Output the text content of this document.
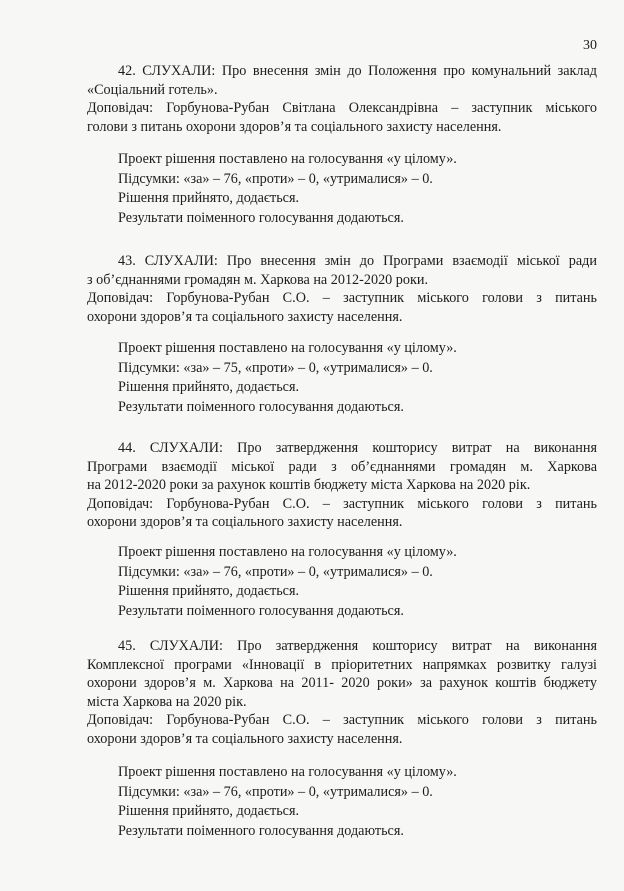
30

42. СЛУХАЛИ: Про внесення змін до Положення про комунальний заклад

«Соціальний готель».

Доповідач: Горбунова-Рубан Світлана Олександрівна – заступник міського

голови з питань охорони здоров’я та соціального захисту населення.

Проект рішення поставлено на голосування «у цілому».

Підсумки: «за» – 76, «проти» – 0, «утрималися» – 0.

Рішення прийнято, додається.

Результати поіменного голосування додаються.

43. СЛУХАЛИ: Про внесення змін до Програми взаємодії міської ради

з об’єднаннями громадян м. Харкова на 2012-2020 роки.

Доповідач: Горбунова-Рубан С.О. – заступник міського голови з питань

охорони здоров’я та соціального захисту населення.

Проект рішення поставлено на голосування «у цілому».

Підсумки: «за» – 75, «проти» – 0, «утрималися» – 0.

Рішення прийнято, додається.

Результати поіменного голосування додаються.

44. СЛУХАЛИ: Про затвердження кошторису витрат на виконання

Програми взаємодії міської ради з об’єднаннями громадян м. Харкова

на 2012-2020 роки за рахунок коштів бюджету міста Харкова на 2020 рік.

Доповідач: Горбунова-Рубан С.О. – заступник міського голови з питань

охорони здоров’я та соціального захисту населення.

Проект рішення поставлено на голосування «у цілому».

Підсумки: «за» – 76, «проти» – 0, «утрималися» – 0.

Рішення прийнято, додається.

Результати поіменного голосування додаються.

45. СЛУХАЛИ: Про затвердження кошторису витрат на виконання

Комплексної програми «Інновації в пріоритетних напрямках розвитку галузі

охорони здоров’я м. Харкова на 2011- 2020 роки» за рахунок коштів бюджету

міста Харкова на 2020 рік.

Доповідач: Горбунова-Рубан С.О. – заступник міського голови з питань

охорони здоров’я та соціального захисту населення.

Проект рішення поставлено на голосування «у цілому».

Підсумки: «за» – 76, «проти» – 0, «утрималися» – 0.

Рішення прийнято, додається.

Результати поіменного голосування додаються.
